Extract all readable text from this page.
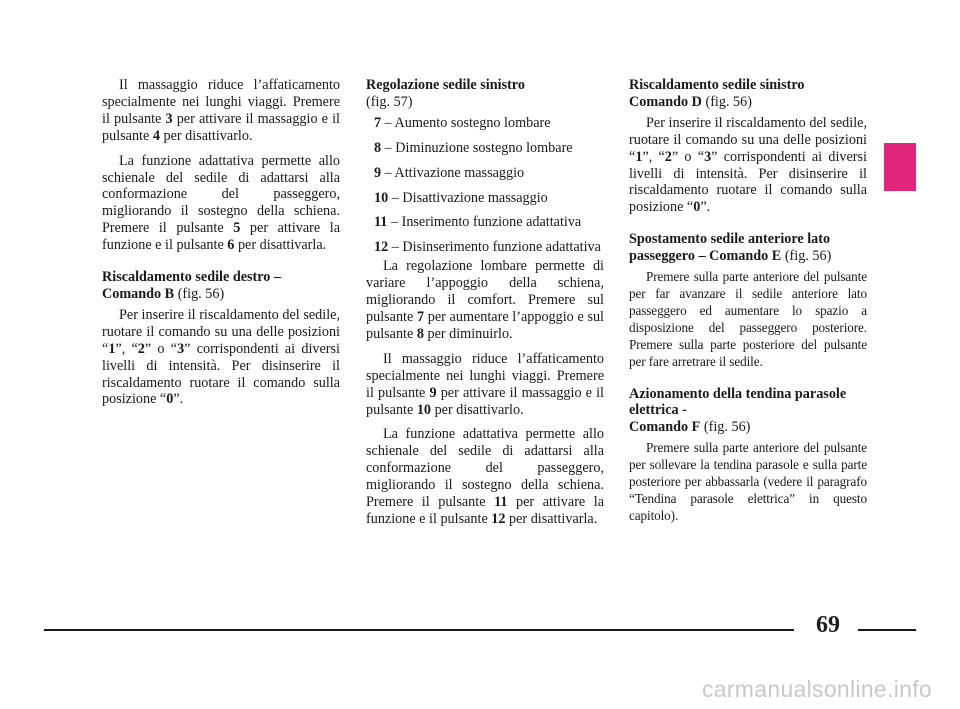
Il massaggio riduce l’affaticamento specialmente nei lunghi viaggi. Premere il pulsante 3 per attivare il massaggio e il pulsante 4 per disattivarlo.

La funzione adattativa permette allo schienale del sedile di adattarsi alla conformazione del passeggero, migliorando il sostegno della schiena. Premere il pulsante 5 per attivare la funzione e il pulsante 6 per disattivarla.

Riscaldamento sedile destro –
Comando B (fig. 56)

Per inserire il riscaldamento del sedile, ruotare il comando su una delle posizioni “1”, “2” o “3” corrispondenti ai diversi livelli di intensità. Per disinserire il riscaldamento ruotare il comando sulla posizione “0”.

Regolazione sedile sinistro
(fig. 57)

7 – Aumento sostegno lombare

8 – Diminuzione sostegno lombare

9 – Attivazione massaggio

10 – Disattivazione massaggio

11 – Inserimento funzione adattativa

12 – Disinserimento funzione adattativa

La regolazione lombare permette di variare l’appoggio della schiena, migliorando il comfort. Premere sul pulsante 7 per aumentare l’appoggio e sul pulsante 8 per diminuirlo.

Il massaggio riduce l’affaticamento specialmente nei lunghi viaggi. Premere il pulsante 9 per attivare il massaggio e il pulsante 10 per disattivarlo.

La funzione adattativa permette allo schienale del sedile di adattarsi alla conformazione del passeggero, migliorando il sostegno della schiena. Premere il pulsante 11 per attivare la funzione e il pulsante 12 per disattivarla.

Riscaldamento sedile sinistro
Comando D (fig. 56)

Per inserire il riscaldamento del sedile, ruotare il comando su una delle posizioni “1”, “2” o “3” corrispondenti ai diversi livelli di intensità. Per disinserire il riscaldamento ruotare il comando sulla posizione “0”.

Spostamento sedile anteriore lato passeggero – Comando E (fig. 56)

Premere sulla parte anteriore del pulsante per far avanzare il sedile anteriore lato passeggero ed aumentare lo spazio a disposizione del passeggero posteriore. Premere sulla parte posteriore del pulsante per fare arretrare il sedile.

Azionamento della tendina parasole elettrica -
Comando F (fig. 56)

Premere sulla parte anteriore del pulsante per sollevare la tendina parasole e sulla parte posteriore per abbassarla (vedere il paragrafo “Tendina parasole elettrica” in questo capitolo).

69
carmanualsonline.info
